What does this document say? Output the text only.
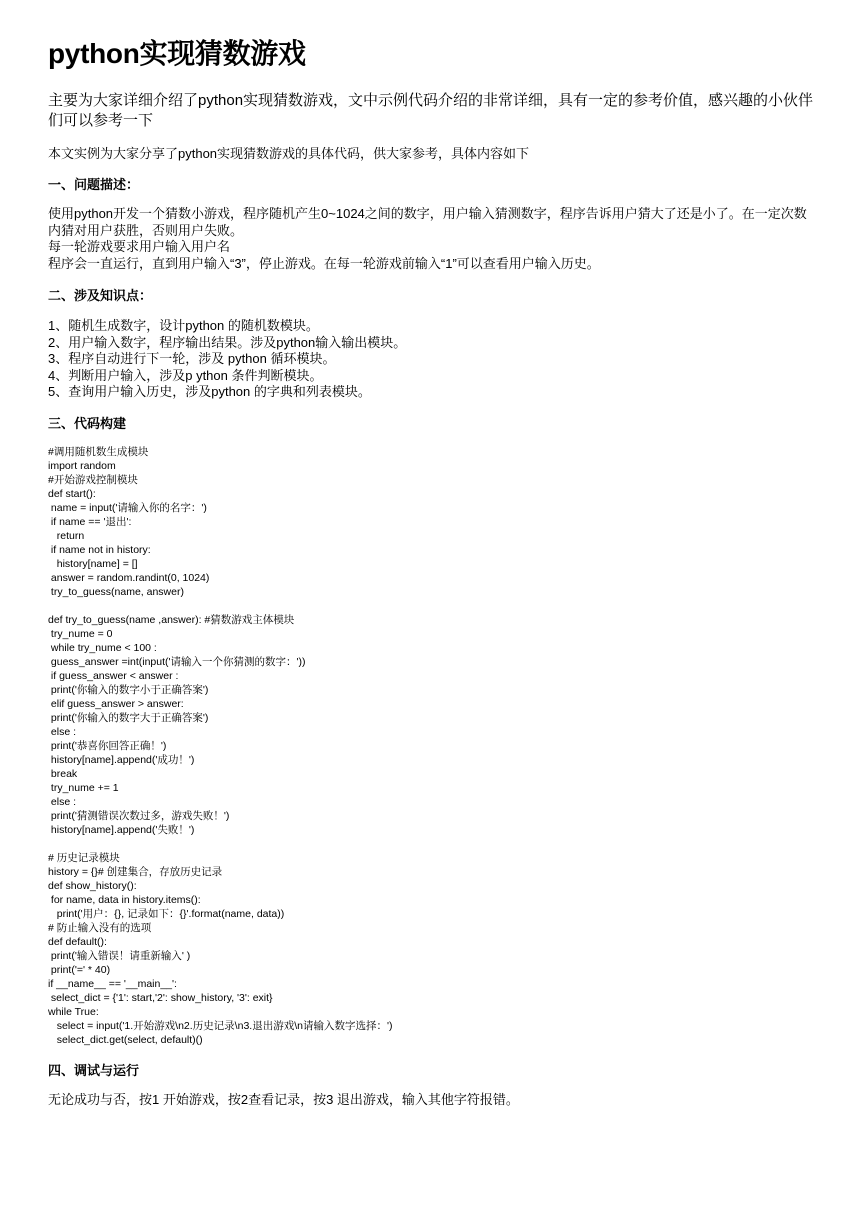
python实现猜数游戏

主要为大家详细介绍了python实现猜数游戏，文中示例代码介绍的非常详细，具有一定的参考价值，感兴趣的小伙伴们可以参考一下

本文实例为大家分享了python实现猜数游戏的具体代码，供大家参考，具体内容如下

一、问题描述：

使用python开发一个猜数小游戏，程序随机产生0~1024之间的数字，用户输入猜测数字，程序告诉用户猜大了还是小了。在一定次数内猜对用户获胜，否则用户失败。
每一轮游戏要求用户输入用户名
程序会一直运行，直到用户输入“3”，停止游戏。在每一轮游戏前输入“1”可以查看用户输入历史。

二、涉及知识点：
1、随机生成数字，设计python 的随机数模块。
2、用户输入数字，程序输出结果。涉及python输入输出模块。
3、程序自动进行下一轮，涉及 python 循环模块。
4、判断用户输入，涉及p ython 条件判断模块。
5、查询用户输入历史，涉及python 的字典和列表模块。
三、代码构建
#调用随机数生成模块
import random
#开始游戏控制模块
def start():
name = input('请输入你的名字：')
if name == '退出':
return
if name not in history:
history[name] = []
answer = random.randint(0, 1024)
try_to_guess(name, answer)
def try_to_guess(name ,answer): #猜数游戏主体模块
try_nume = 0
while try_nume < 100 :
guess_answer =int(input('请输入一个你猜测的数字：'))
if guess_answer < answer :
print('你输入的数字小于正确答案')
elif guess_answer > answer:
print('你输入的数字大于正确答案')
else :
print('恭喜你回答正确！')
history[name].append('成功！')
break
try_nume += 1
else :
print('猜测错误次数过多，游戏失败！')
history[name].append('失败！')
# 历史记录模块
history = {}# 创建集合，存放历史记录
def show_history():
for name, data in history.items():
print('用户：{}, 记录如下：{}'.format(name, data))
# 防止输入没有的选项
def default():
print('输入错误！请重新输入' )
print('=' * 40)
if __name__ == '__main__':
select_dict = {'1': start,'2': show_history, '3': exit}
while True:
select = input('1.开始游戏\n2.历史记录\n3.退出游戏\n请输入数字选择：')
select_dict.get(select, default)()
四、调试与运行

无论成功与否，按1 开始游戏，按2查看记录，按3 退出游戏，输入其他字符报错。
